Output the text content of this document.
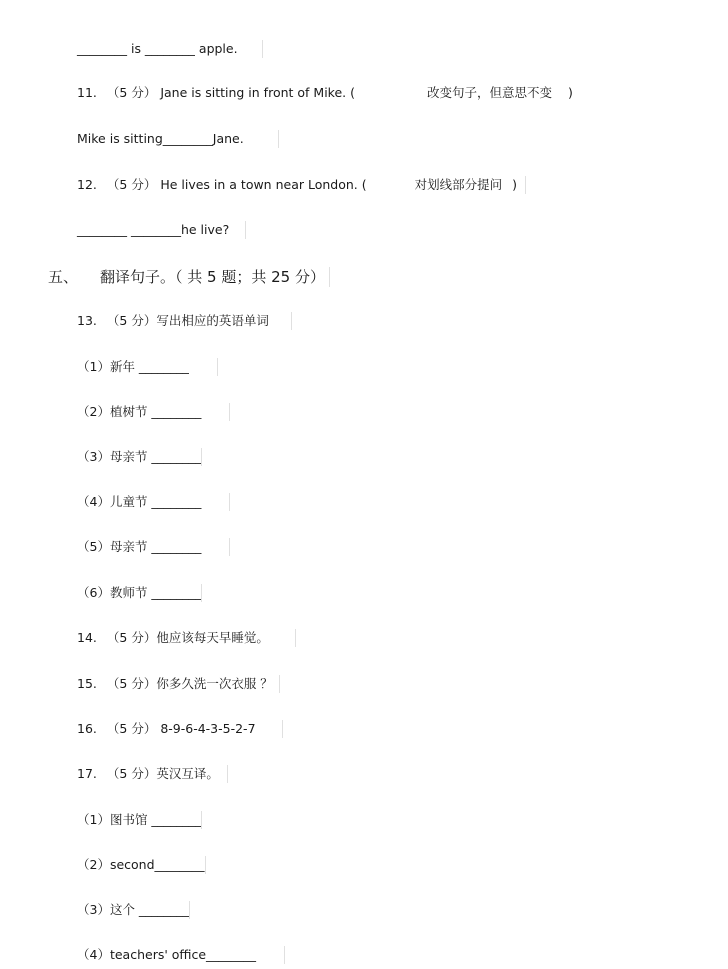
________ is ________ apple.
11. （5 分） Jane is sitting in front of Mike. (	改变句子，但意思不变 )
Mike is sitting________Jane.
12. （5 分） He lives in a town near London. (	对划线部分提问 )
________ ________he live?
五、 翻译句子。（ 共 5 题；共 25 分）
13. （5 分） 写出相应的英语单词
（1）新年 ________
（2）植树节 ________
（3）母亲节 ________
（4）儿童节 ________
（5）母亲节 ________
（6）教师节 ________
14. （5 分） 他应该每天早睡觉。
15. （5 分） 你多久洗一次衣服 ？
16. （5 分） 8-9-6-4-3-5-2-7
17. （5 分） 英汉互译。
（1）图书馆 ________
（2）second________
（3）这个 ________
（4）teachers' office________
